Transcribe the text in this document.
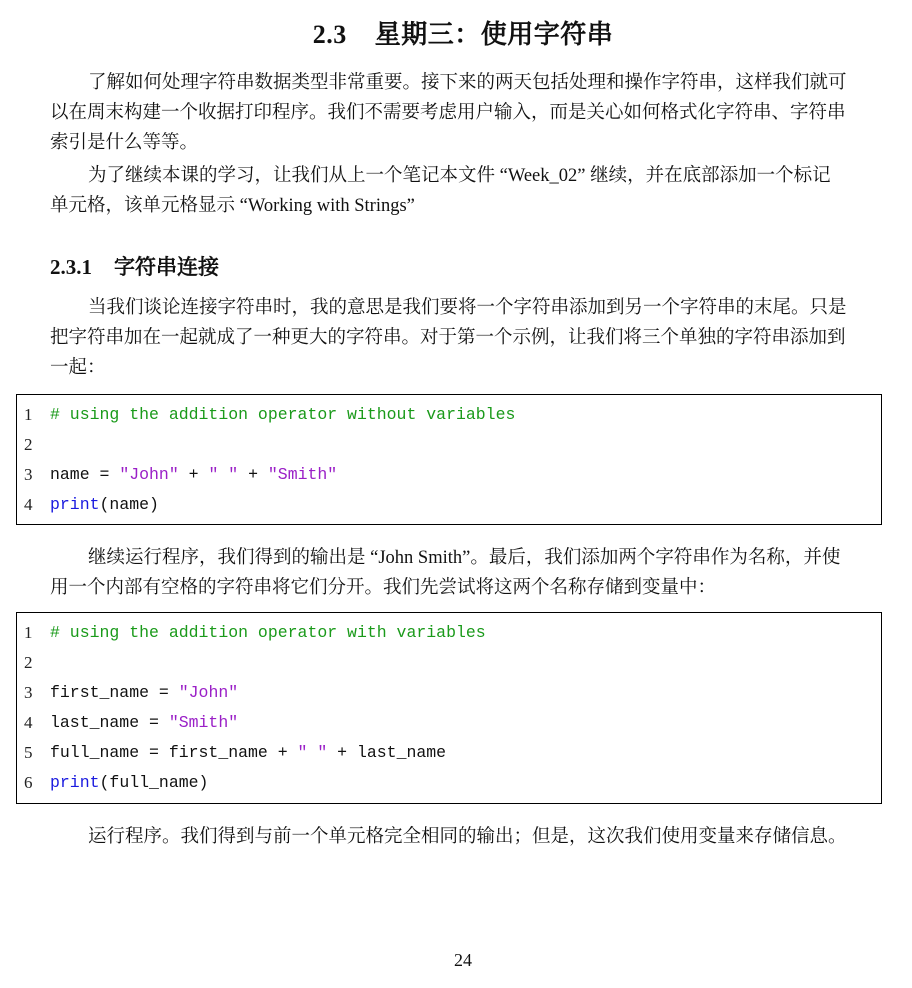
2.3 星期三：使用字符串
了解如何处理字符串数据类型非常重要。接下来的两天包括处理和操作字符串，这样我们就可
以在周末构建一个收据打印程序。我们不需要考虑用户输入，而是关心如何格式化字符串、字符串
索引是什么等等。
为了继续本课的学习，让我们从上一个笔记本文件 “Week_02” 继续，并在底部添加一个标记
单元格，该单元格显示 “Working with Strings”
2.3.1 字符串连接
当我们谈论连接字符串时，我的意思是我们要将一个字符串添加到另一个字符串的末尾。只是
把字符串加在一起就成了一种更大的字符串。对于第一个示例，让我们将三个单独的字符串添加到
一起：
1	# using the addition operator without variables
2
3	name = "John" + " " + "Smith"
4	print(name)
继续运行程序，我们得到的输出是 “John Smith”。最后，我们添加两个字符串作为名称，并使
用一个内部有空格的字符串将它们分开。我们先尝试将这两个名称存储到变量中：
1	# using the addition operator with variables
2
3	first_name = "John"
4	last_name = "Smith"
5	full_name = first_name + " " + last_name
6	print(full_name)
运行程序。我们得到与前一个单元格完全相同的输出；但是，这次我们使用变量来存储信息。
24
